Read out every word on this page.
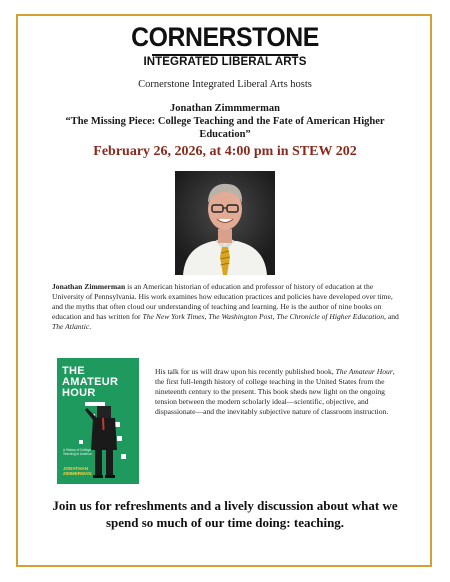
CORNERSTONE
INTEGRATED LIBERAL ARTS
Cornerstone Integrated Liberal Arts hosts
Jonathan Zimmmerman
“The Missing Piece: College Teaching and the Fate of American Higher Education”
February 26, 2026, at 4:00 pm in STEW 202
Jonathan Zimmerman is an American historian of education and professor of history of education at the University of Pennsylvania. His work examines how education practices and policies have developed over time, and the myths that often cloud our understanding of teaching and learning. He is the author of nine books on education and has written for The New York Times, The Washington Post, The Chronicle of Higher Education, and The Atlantic.
THE
AMATEUR
HOUR
A History of College Teaching in America
JONATHAN
ZIMMERMAN
His talk for us will draw upon his recently published book, The Amateur Hour, the first full-length history of college teaching in the United States from the nineteenth century to the present. This book sheds new light on the ongoing tension between the modern scholarly ideal—scientific, objective, and dispassionate—and the inevitably subjective nature of classroom instruction.
Join us for refreshments and a lively discussion about what we spend so much of our time doing: teaching.
